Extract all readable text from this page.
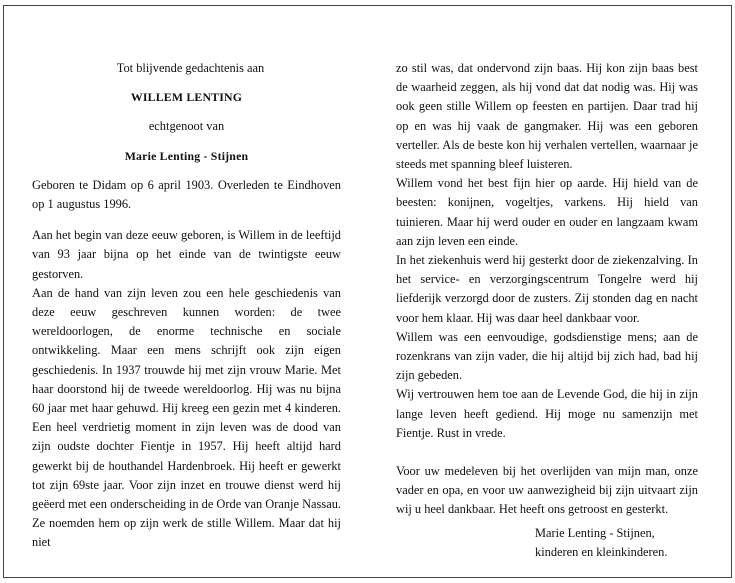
Tot blijvende gedachtenis aan
WILLEM LENTING
echtgenoot van
Marie Lenting - Stijnen

Geboren te Didam op 6 april 1903. Overleden te Eindhoven op 1 augustus 1996.

Aan het begin van deze eeuw geboren, is Willem in de leeftijd van 93 jaar bijna op het einde van de twintigste eeuw gestorven.

Aan de hand van zijn leven zou een hele geschiedenis van deze eeuw geschreven kunnen worden: de twee wereldoorlogen, de enorme technische en sociale ontwikkeling. Maar een mens schrijft ook zijn eigen geschiedenis. In 1937 trouwde hij met zijn vrouw Marie. Met haar doorstond hij de tweede wereldoorlog. Hij was nu bijna 60 jaar met haar gehuwd. Hij kreeg een gezin met 4 kinderen. Een heel verdrietig moment in zijn leven was de dood van zijn oudste dochter Fientje in 1957. Hij heeft altijd hard gewerkt bij de houthandel Hardenbroek. Hij heeft er gewerkt tot zijn 69ste jaar. Voor zijn inzet en trouwe dienst werd hij geëerd met een onderscheiding in de Orde van Oranje Nassau. Ze noemden hem op zijn werk de stille Willem. Maar dat hij niet

zo stil was, dat ondervond zijn baas. Hij kon zijn baas best de waarheid zeggen, als hij vond dat dat nodig was. Hij was ook geen stille Willem op feesten en partijen. Daar trad hij op en was hij vaak de gangmaker. Hij was een geboren verteller. Als de beste kon hij verhalen vertellen, waarnaar je steeds met spanning bleef luisteren.

Willem vond het best fijn hier op aarde. Hij hield van de beesten: konijnen, vogeltjes, varkens. Hij hield van tuinieren. Maar hij werd ouder en ouder en langzaam kwam aan zijn leven een einde.

In het ziekenhuis werd hij gesterkt door de ziekenzalving. In het service- en verzorgingscentrum Tongelre werd hij liefderijk verzorgd door de zusters. Zij stonden dag en nacht voor hem klaar. Hij was daar heel dankbaar voor.

Willem was een eenvoudige, godsdienstige mens; aan de rozenkrans van zijn vader, die hij altijd bij zich had, bad hij zijn gebeden.

Wij vertrouwen hem toe aan de Levende God, die hij in zijn lange leven heeft gediend. Hij moge nu samenzijn met Fientje. Rust in vrede.

Voor uw medeleven bij het overlijden van mijn man, onze vader en opa, en voor uw aanwezigheid bij zijn uitvaart zijn wij u heel dankbaar. Het heeft ons getroost en gesterkt.

Marie Lenting - Stijnen,
kinderen en kleinkinderen.
